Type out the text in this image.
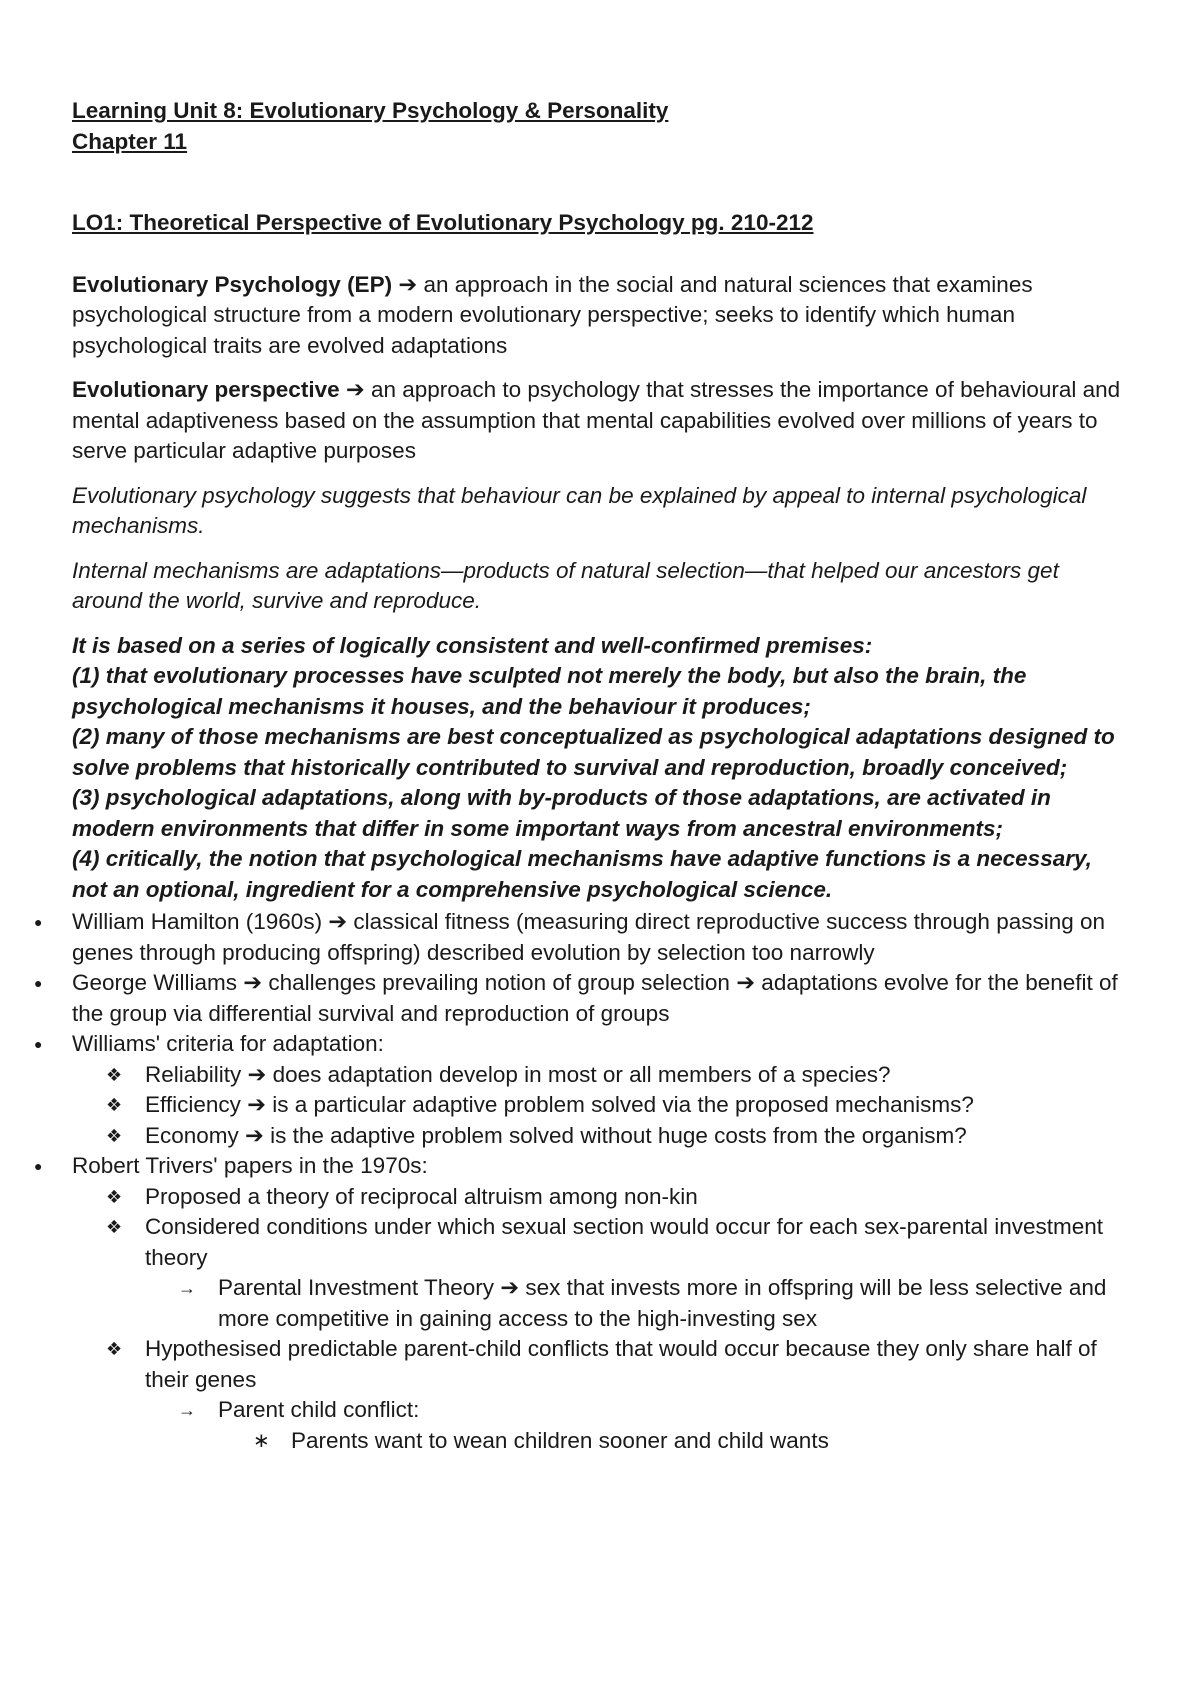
Learning Unit 8: Evolutionary Psychology & Personality

Chapter 11

LO1: Theoretical Perspective of Evolutionary Psychology pg. 210-212

Evolutionary Psychology (EP) ➔ an approach in the social and natural sciences that examines psychological structure from a modern evolutionary perspective; seeks to identify which human psychological traits are evolved adaptations

Evolutionary perspective ➔ an approach to psychology that stresses the importance of behavioural and mental adaptiveness based on the assumption that mental capabilities evolved over millions of years to serve particular adaptive purposes

Evolutionary psychology suggests that behaviour can be explained by appeal to internal psychological mechanisms.

Internal mechanisms are adaptations—products of natural selection—that helped our ancestors get around the world, survive and reproduce.

It is based on a series of logically consistent and well-confirmed premises:

(1) that evolutionary processes have sculpted not merely the body, but also the brain, the psychological mechanisms it houses, and the behaviour it produces;

(2) many of those mechanisms are best conceptualized as psychological adaptations designed to solve problems that historically contributed to survival and reproduction, broadly conceived;

(3) psychological adaptations, along with by-products of those adaptations, are activated in modern environments that differ in some important ways from ancestral environments;

(4) critically, the notion that psychological mechanisms have adaptive functions is a necessary, not an optional, ingredient for a comprehensive psychological science.

● William Hamilton (1960s) ➔ classical fitness (measuring direct reproductive success through passing on genes through producing offspring) described evolution by selection too narrowly
● George Williams ➔ challenges prevailing notion of group selection ➔ adaptations evolve for the benefit of the group via differential survival and reproduction of groups
● Williams' criteria for adaptation:
❖ Reliability ➔ does adaptation develop in most or all members of a species?
❖ Efficiency ➔ is a particular adaptive problem solved via the proposed mechanisms?
❖ Economy ➔ is the adaptive problem solved without huge costs from the organism?
● Robert Trivers' papers in the 1970s:
❖ Proposed a theory of reciprocal altruism among non-kin
❖ Considered conditions under which sexual section would occur for each sex-parental investment theory
→ Parental Investment Theory ➔ sex that invests more in offspring will be less selective and more competitive in gaining access to the high-investing sex
❖ Hypothesised predictable parent-child conflicts that would occur because they only share half of their genes
→ Parent child conflict:
∗ Parents want to wean children sooner and child wants
